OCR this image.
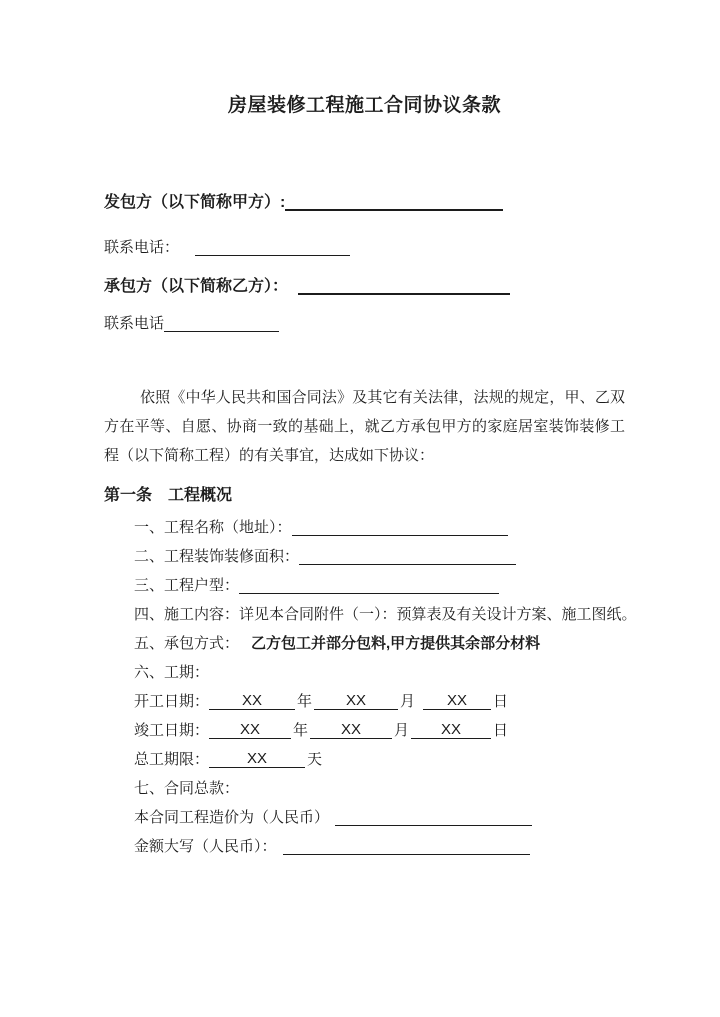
房屋装修工程施工合同协议条款
发包方（以下简称甲方）:
联系电话：
承包方（以下简称乙方）：
联系电话

依照《中华人民共和国合同法》及其它有关法律，法规的规定，甲、乙双方在平等、自愿、协商一致的基础上，就乙方承包甲方的家庭居室装饰装修工程（以下简称工程）的有关事宜，达成如下协议：

第一条　工程概况
一、工程名称（地址）：
二、工程装饰装修面积：
三、工程户型：
四、施工内容：详见本合同附件（一）：预算表及有关设计方案、施工图纸。
五、承包方式： 乙方包工并部分包料,甲方提供其余部分材料
六、工期：
开工日期： XX 年 XX 月 XX 日
竣工日期： XX 年 XX 月 XX 日
总工期限：	XX	天
七、合同总款：
本合同工程造价为（人民币）
金额大写（人民币）：
